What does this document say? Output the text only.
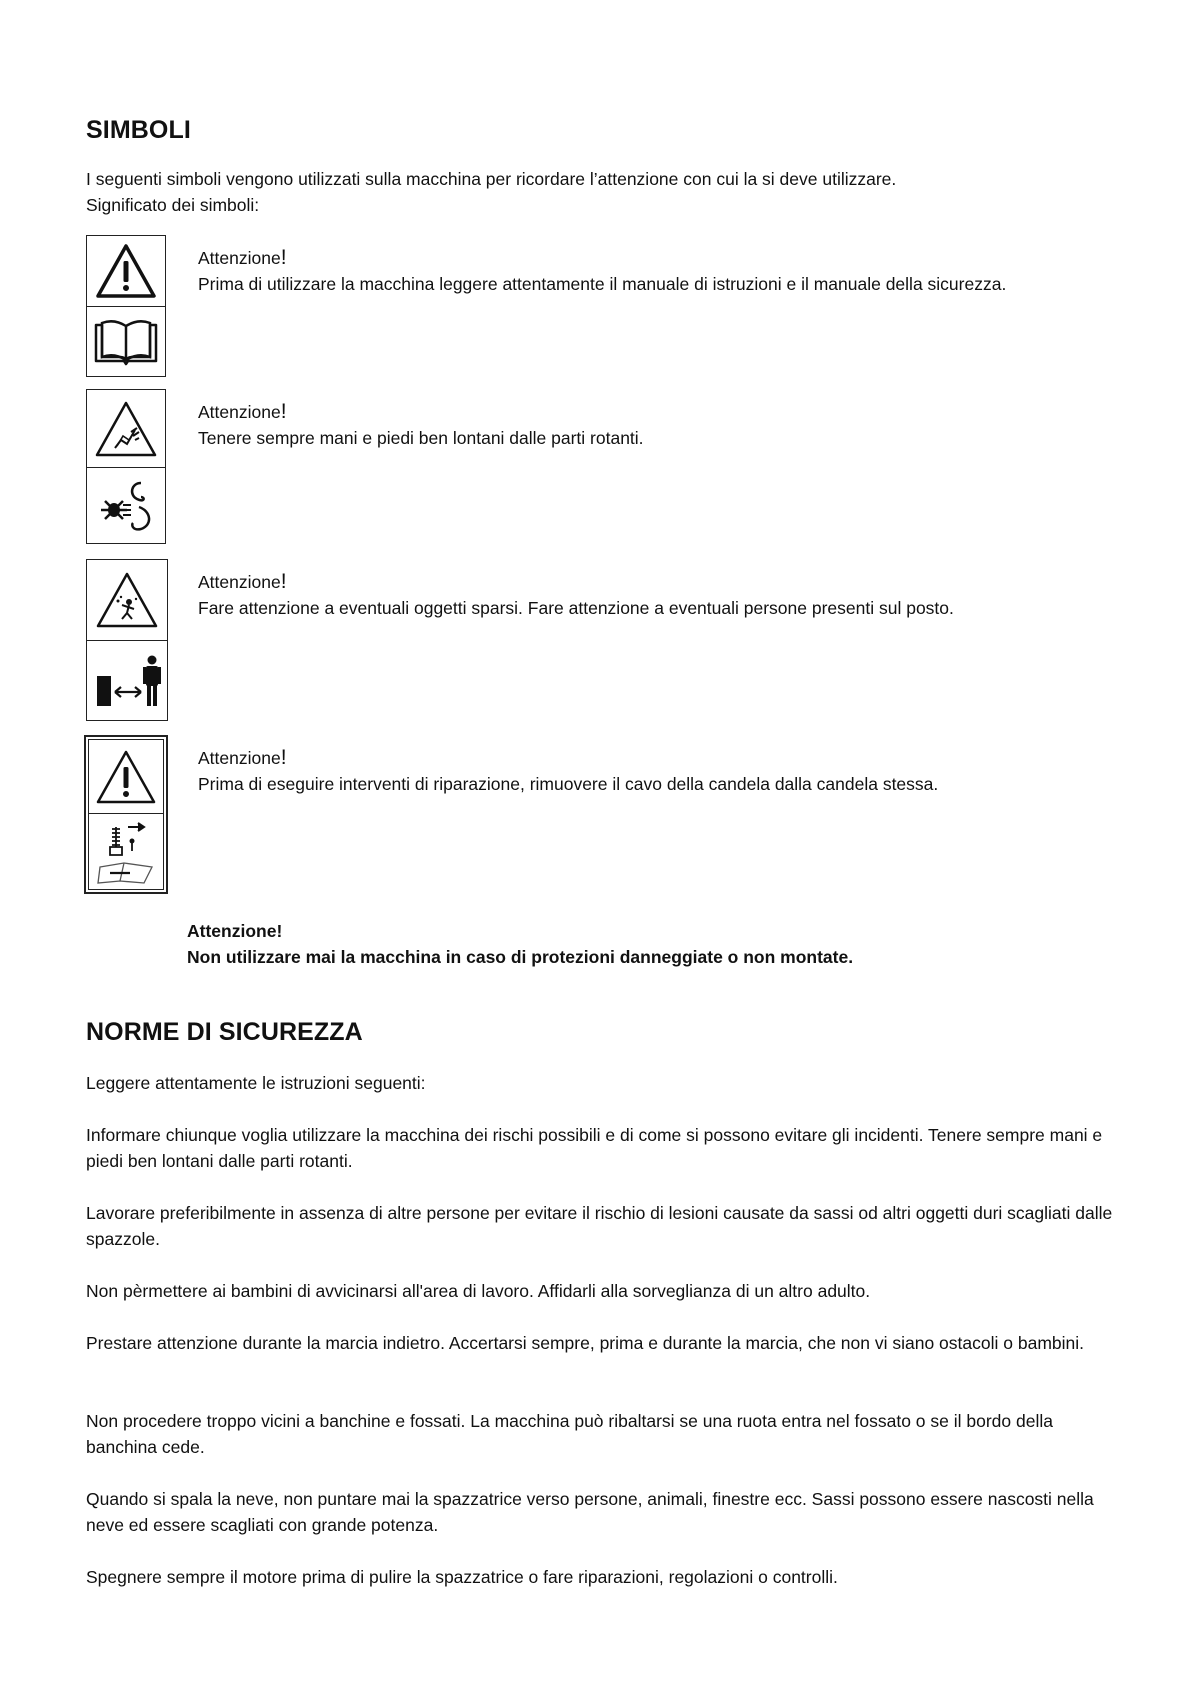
SIMBOLI

I seguenti simboli vengono utilizzati sulla macchina per ricordare l’attenzione con cui la si deve utilizzare.

Significato dei simboli:

Attenzione!
Prima di utilizzare la macchina leggere attentamente il manuale di istruzioni e il manuale della sicurezza.
Attenzione!
Tenere sempre mani e piedi ben lontani dalle parti rotanti.
Attenzione!
Fare attenzione a eventuali oggetti sparsi. Fare attenzione a eventuali persone presenti sul posto.
Attenzione!
Prima di eseguire interventi di riparazione, rimuovere il cavo della candela dalla candela stessa.
Attenzione!
Non utilizzare mai la macchina in caso di protezioni danneggiate o non montate.
NORME DI SICUREZZA

Leggere attentamente le istruzioni seguenti:

Informare chiunque voglia utilizzare la macchina dei rischi possibili e di come si possono evitare gli incidenti. Tenere sempre mani e piedi ben lontani dalle parti rotanti.

Lavorare preferibilmente in assenza di altre persone per evitare il rischio di lesioni causate da sassi od altri oggetti duri scagliati dalle spazzole.

Non pèrmettere ai bambini di avvicinarsi all'area di lavoro. Affidarli alla sorveglianza di un altro adulto.

Prestare attenzione durante la marcia indietro. Accertarsi sempre, prima e durante la marcia, che non vi siano ostacoli o bambini.

Non procedere troppo vicini a banchine e fossati. La macchina può ribaltarsi se una ruota entra nel fossato o se il bordo della banchina cede.

Quando si spala la neve, non puntare mai la spazzatrice verso persone, animali, finestre ecc. Sassi possono essere nascosti nella neve ed essere scagliati con grande potenza.

Spegnere sempre il motore prima di pulire la spazzatrice o fare riparazioni, regolazioni o controlli.
